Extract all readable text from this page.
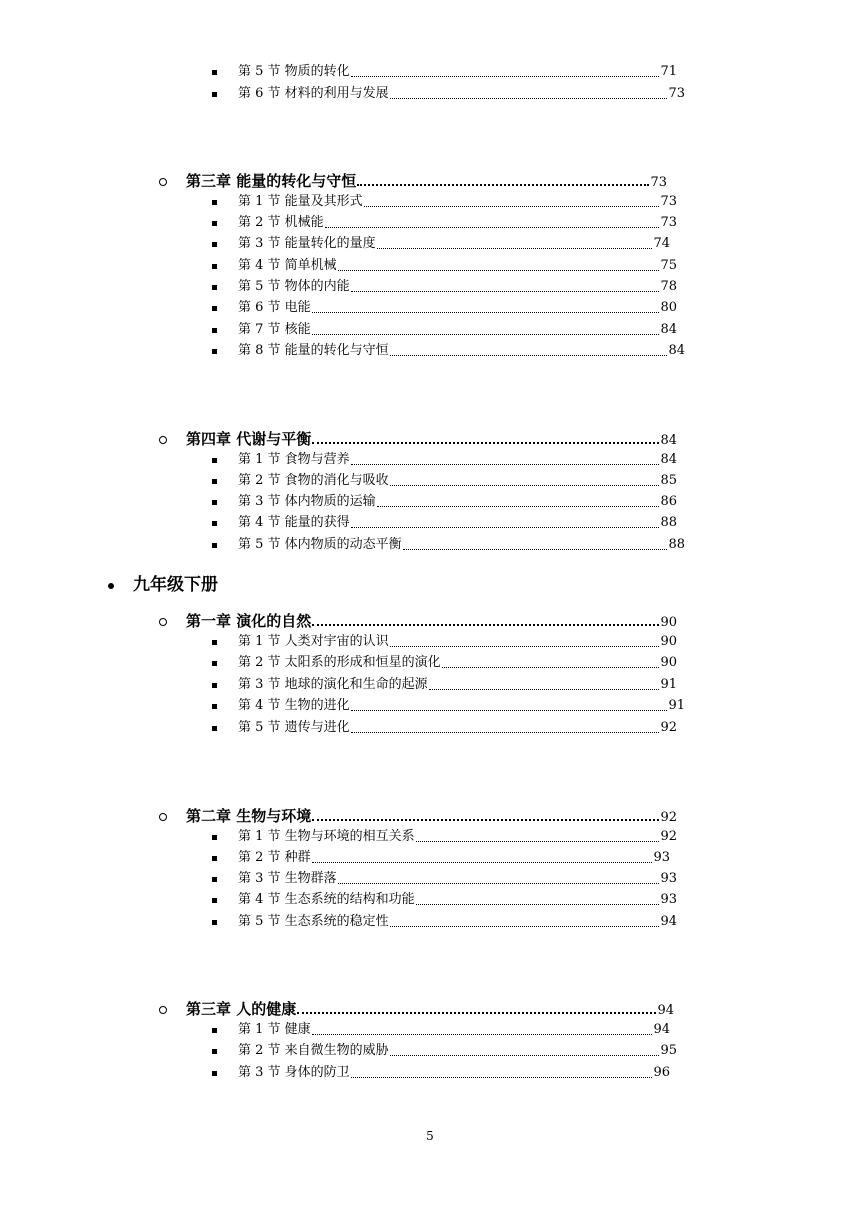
第 5 节 物质的转化	71
第 6 节 材料的利用与发展	73
第三章 能量的转化与守恒	73
第 1 节 能量及其形式	73
第 2 节 机械能	73
第 3 节 能量转化的量度	74
第 4 节 简单机械	75
第 5 节 物体的内能	78
第 6 节 电能	80
第 7 节 核能	84
第 8 节 能量的转化与守恒	84
第四章 代谢与平衡	84
第 1 节 食物与营养	84
第 2 节 食物的消化与吸收	85
第 3 节 体内物质的运输	86
第 4 节 能量的获得	88
第 5 节 体内物质的动态平衡	88
九年级下册
第一章 演化的自然	90
第 1 节 人类对宇宙的认识	90
第 2 节 太阳系的形成和恒星的演化	90
第 3 节 地球的演化和生命的起源	91
第 4 节 生物的进化	91
第 5 节 遗传与进化	92
第二章 生物与环境	92
第 1 节 生物与环境的相互关系	92
第 2 节 种群	93
第 3 节 生物群落	93
第 4 节 生态系统的结构和功能	93
第 5 节 生态系统的稳定性	94
第三章 人的健康	94
第 1 节 健康	94
第 2 节 来自微生物的威胁	95
第 3 节 身体的防卫	96
5
